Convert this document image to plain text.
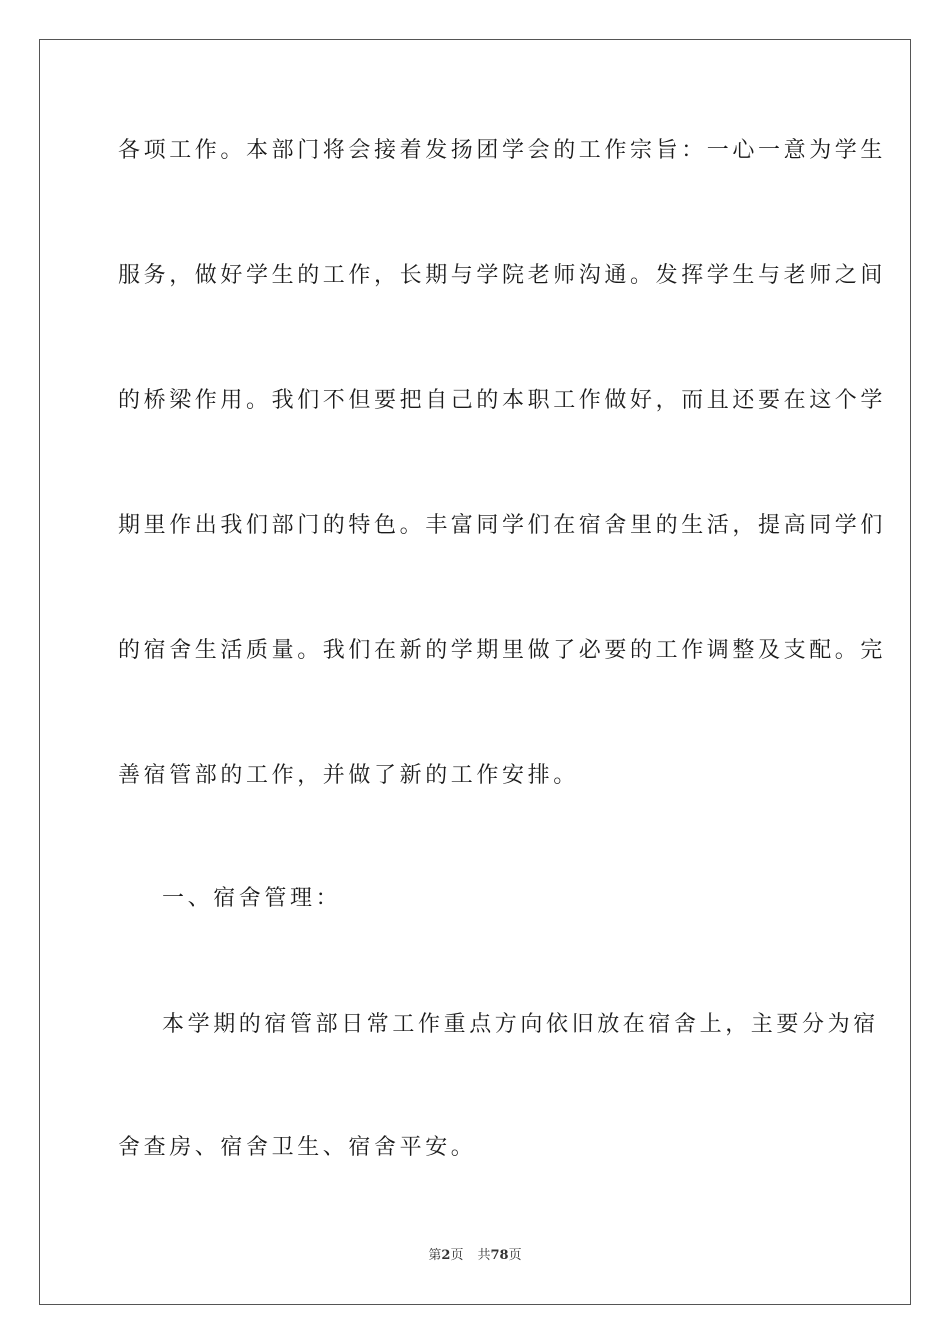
各项工作。本部门将会接着发扬团学会的工作宗旨：一心一意为学生
服务，做好学生的工作，长期与学院老师沟通。发挥学生与老师之间
的桥梁作用。我们不但要把自己的本职工作做好，而且还要在这个学
期里作出我们部门的特色。丰富同学们在宿舍里的生活，提高同学们
的宿舍生活质量。我们在新的学期里做了必要的工作调整及支配。完
善宿管部的工作，并做了新的工作安排。
一、宿舍管理：
本学期的宿管部日常工作重点方向依旧放在宿舍上，主要分为宿
舍查房、宿舍卫生、宿舍平安。
第2页 共78页
